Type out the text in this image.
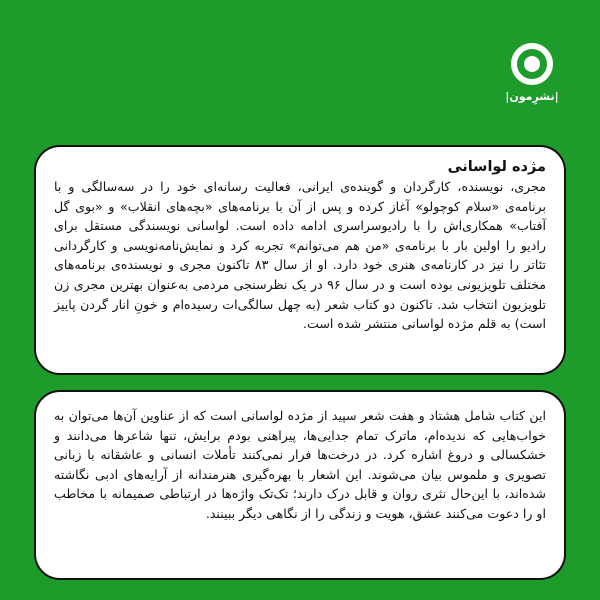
|نشرِمون|
مژده لواسانی

مجری، نویسنده، کارگردان و گوینده‌ی ایرانی، فعالیت رسانه‌ای خود را در سه‌سالگی و با برنامه‌ی «سلام کوچولو» آغاز کرده و پس از آن با برنامه‌های «بچه‌های انقلاب» و «بوی گل آفتاب» همکاری‌اش را با رادیوسراسری ادامه داده است. لواسانی نویسندگی مستقل برای رادیو را اولین بار با برنامه‌ی «من هم می‌توانم» تجربه کرد و نمایش‌نامه‌نویسی و کارگردانی تئاتر را نیز در کارنامه‌ی هنری خود دارد. او از سال ۸۳ تاکنون مجری و نویسنده‌ی برنامه‌های مختلف تلویزیونی بوده است و در سال ۹۶ در یک نظرسنجی مردمی به‌عنوان بهترین مجری زن تلویزیون انتخاب شد. تاکنون دو کتاب شعر (به چهل سالگی‌ات رسیده‌ام و خونِ انار گردن پاییز است) به قلم مژده لواسانی منتشر شده است.

این کتاب شامل هشتاد و هفت شعر سپید از مژده لواسانی است که از عناوین آن‌ها می‌توان به خواب‌هایی که ندیده‌ام، ماترک تمام جدایی‌ها، پیراهنی بودم برایش، تنها شاعرها می‌دانند و خشکسالی و دروغ اشاره کرد. در درخت‌ها فرار نمی‌کنند تأملات انسانی و عاشقانه با زبانی تصویری و ملموس بیان می‌شوند. این اشعار با بهره‌گیری هنرمندانه از آرایه‌های ادبی نگاشته شده‌اند، با این‌حال نثری روان و قابل درک دارند؛ تک‌تک واژه‌ها در ارتباطی صمیمانه با مخاطب او را دعوت می‌کنند عشق، هویت و زندگی را از نگاهی دیگر ببینند.
